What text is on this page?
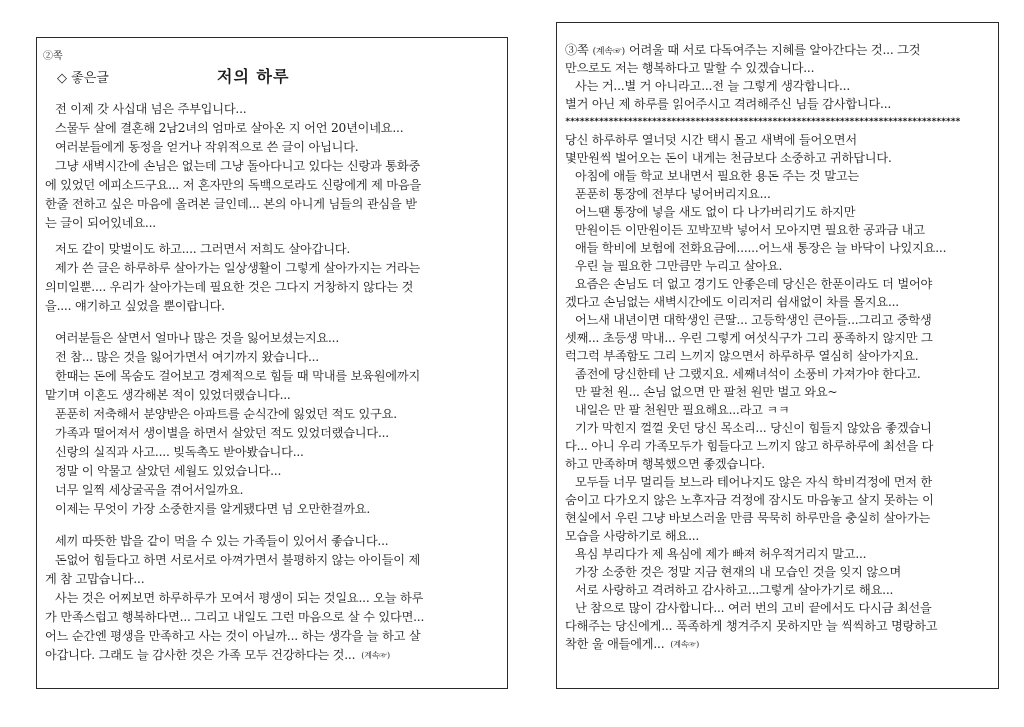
②쪽
◇ 좋은글	저의 하루
전 이제 갓 사십대 넘은 주부입니다...
스물두 살에 결혼해 2남2녀의 엄마로 살아온 지 어언 20년이네요...
여러분들에게 동정을 얻거나 작위적으로 쓴 글이 아닙니다.
그냥 새벽시간에 손님은 없는데 그냥 돌아다니고 있다는 신랑과 통화중
에 있었던 에피소드구요... 저 혼자만의 독백으로라도 신랑에게 제 마음을
한줄 전하고 싶은 마음에 올려본 글인데... 본의 아니게 님들의 관심을 받
는 글이 되어있네요...
저도 같이 맞벌이도 하고.... 그러면서 저희도 살아갑니다.
제가 쓴 글은 하루하루 살아가는 일상생활이 그렇게 살아가지는 거라는
의미일뿐.... 우리가 살아가는데 필요한 것은 그다지 거창하지 않다는 것
을.... 얘기하고 싶었을 뿐이랍니다.
여러분들은 살면서 얼마나 많은 것을 잃어보셨는지요...
전 참... 많은 것을 잃어가면서 여기까지 왔습니다...
한때는 돈에 목숨도 걸어보고 경제적으로 힘들 때 막내를 보육원에까지
맡기며 이혼도 생각해본 적이 있었더랬습니다...
푼푼히 저축해서 분양받은 아파트를 순식간에 잃었던 적도 있구요.
가족과 떨어져서 생이별을 하면서 살았던 적도 있었더랬습니다...
신랑의 실직과 사고.... 빚독촉도 받아봤습니다...
정말 이 악물고 살았던 세월도 있었습니다...
너무 일찍 세상굴곡을 겪어서일까요.
이제는 무엇이 가장 소중한지를 알게됐다면 넘 오만한걸까요.
세끼 따뜻한 밥을 같이 먹을 수 있는 가족들이 있어서 좋습니다...
돈없어 힘들다고 하면 서로서로 아껴가면서 불평하지 않는 아이들이 제
게 참 고맙습니다...
사는 것은 어찌보면 하루하루가 모여서 평생이 되는 것일요... 오늘 하루
가 만족스럽고 행복하다면... 그리고 내일도 그런 마음으로 살 수 있다면...
어느 순간엔 평생을 만족하고 사는 것이 아닐까... 하는 생각을 늘 하고 살
아갑니다. 그래도 늘 감사한 것은 가족 모두 건강하다는 것... (계속☞)
③쪽 (계속☞) 어려울 때 서로 다독여주는 지혜를 알아간다는 것... 그것
만으로도 저는 행복하다고 말할 수 있겠습니다...
사는 거...별 거 아니라고...전 늘 그렇게 생각합니다...
별거 아닌 제 하루를 읽어주시고 격려해주신 님들 감사합니다...
당신 하루하루 열너덧 시간 택시 몰고 새벽에 들어오면서
몇만원씩 벌어오는 돈이 내게는 천금보다 소중하고 귀하답니다.
아침에 애들 학교 보내면서 필요한 용돈 주는 것 말고는
푼푼히 통장에 전부다 넣어버리지요...
어느땐 통장에 넣을 새도 없이 다 나가버리기도 하지만
만원이든 이만원이든 꼬박꼬박 넣어서 모아지면 필요한 공과금 내고
애들 학비에 보험에 전화요금에......어느새 통장은 늘 바닥이 나있지요...
우린 늘 필요한 그만큼만 누리고 살아요.
요즘은 손님도 더 없고 경기도 안좋은데 당신은 한푼이라도 더 벌어야
겠다고 손님없는 새벽시간에도 이리저리 쉼새없이 차를 몰지요...
어느새 내년이면 대학생인 큰딸... 고등학생인 큰아들...그리고 중학생
셋째... 초등생 막내... 우린 그렇게 여섯식구가 그리 풍족하지 않지만 그
럭그럭 부족함도 그리 느끼지 않으면서 하루하루 열심히 살아가지요.
좀전에 당신한테 난 그랬지요. 세째녀석이 소풍비 가져가야 한다고.
만 팔천 원... 손님 없으면 만 팔천 원만 벌고 와요~
내일은 만 팔 천원만 필요해요...라고 ㅋㅋ
기가 막힌지 껄껄 웃던 당신 목소리... 당신이 힘들지 않았음 좋겠습니
다... 아니 우리 가족모두가 힘들다고 느끼지 않고 하루하루에 최선을 다
하고 만족하며 행복했으면 좋겠습니다.
모두들 너무 멀리들 보느라 테어나지도 않은 자식 학비걱정에 먼저 한
숨이고 다가오지 않은 노후자금 걱정에 잠시도 마음놓고 살지 못하는 이
현실에서 우린 그냥 바보스러울 만큼 묵묵히 하루만을 충실히 살아가는
모습을 사랑하기로 해요...
욕심 부리다가 제 욕심에 제가 빠져 허우적거리지 말고...
가장 소중한 것은 정말 지금 현재의 내 모습인 것을 잊지 않으며
서로 사랑하고 격려하고 감사하고...그렇게 살아가기로 해요...
난 참으로 많이 감사합니다... 여러 번의 고비 끝에서도 다시금 최선을
다해주는 당신에게... 푹족하게 챙겨주지 못하지만 늘 씩씩하고 명랑하고
착한 울 애들에게... (계속☞)
**********************************************************************************
